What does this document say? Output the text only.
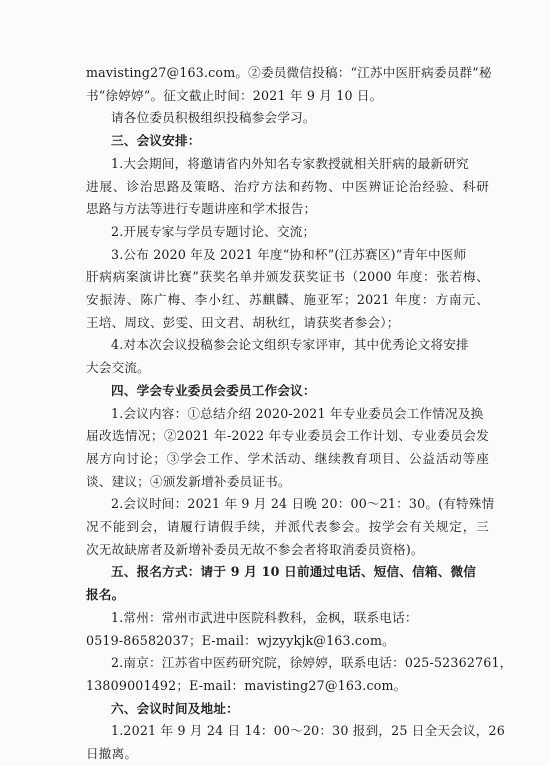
mavisting27@163.com。②委员微信投稿：“江苏中医肝病委员群”秘
书“徐婷婷”。征文截止时间：2021 年 9 月 10 日。
请各位委员积极组织投稿参会学习。
三、会议安排：
1.大会期间，将邀请省内外知名专家教授就相关肝病的最新研究
进展、诊治思路及策略、治疗方法和药物、中医辨证论治经验、科研
思路与方法等进行专题讲座和学术报告；
2.开展专家与学员专题讨论、交流；
3.公布 2020 年及 2021 年度“协和杯”(江苏赛区)“青年中医师
肝病病案演讲比赛”获奖名单并颁发获奖证书（2000 年度：张若梅、
安振涛、陈广梅、李小红、苏麒麟、施亚军；2021 年度：方南元、
王培、周玟、彭雯、田文君、胡秋红，请获奖者参会）；
4.对本次会议投稿参会论文组织专家评审，其中优秀论文将安排
大会交流。
四、学会专业委员会委员工作会议：
1.会议内容：①总结介绍 2020-2021 年专业委员会工作情况及换
届改选情况；②2021 年-2022 年专业委员会工作计划、专业委员会发
展方向讨论；③学会工作、学术活动、继续教育项目、公益活动等座
谈、建议；④颁发新增补委员证书。
2.会议时间：2021 年 9 月 24 日晚 20：00～21：30。(有特殊情
况不能到会，请履行请假手续，并派代表参会。按学会有关规定，三
次无故缺席者及新增补委员无故不参会者将取消委员资格)。
五、报名方式：请于 9 月 10 日前通过电话、短信、信箱、微信
报名。
1.常州：常州市武进中医院科教科，金枫，联系电话：
0519-86582037；E-mail：wjzyykjk@163.com。
2.南京：江苏省中医药研究院，徐婷婷，联系电话：025-52362761，
13809001492；E-mail：mavisting27@163.com。
六、会议时间及地址：
1.2021 年 9 月 24 日 14：00～20：30 报到，25 日全天会议，26
日撤离。
